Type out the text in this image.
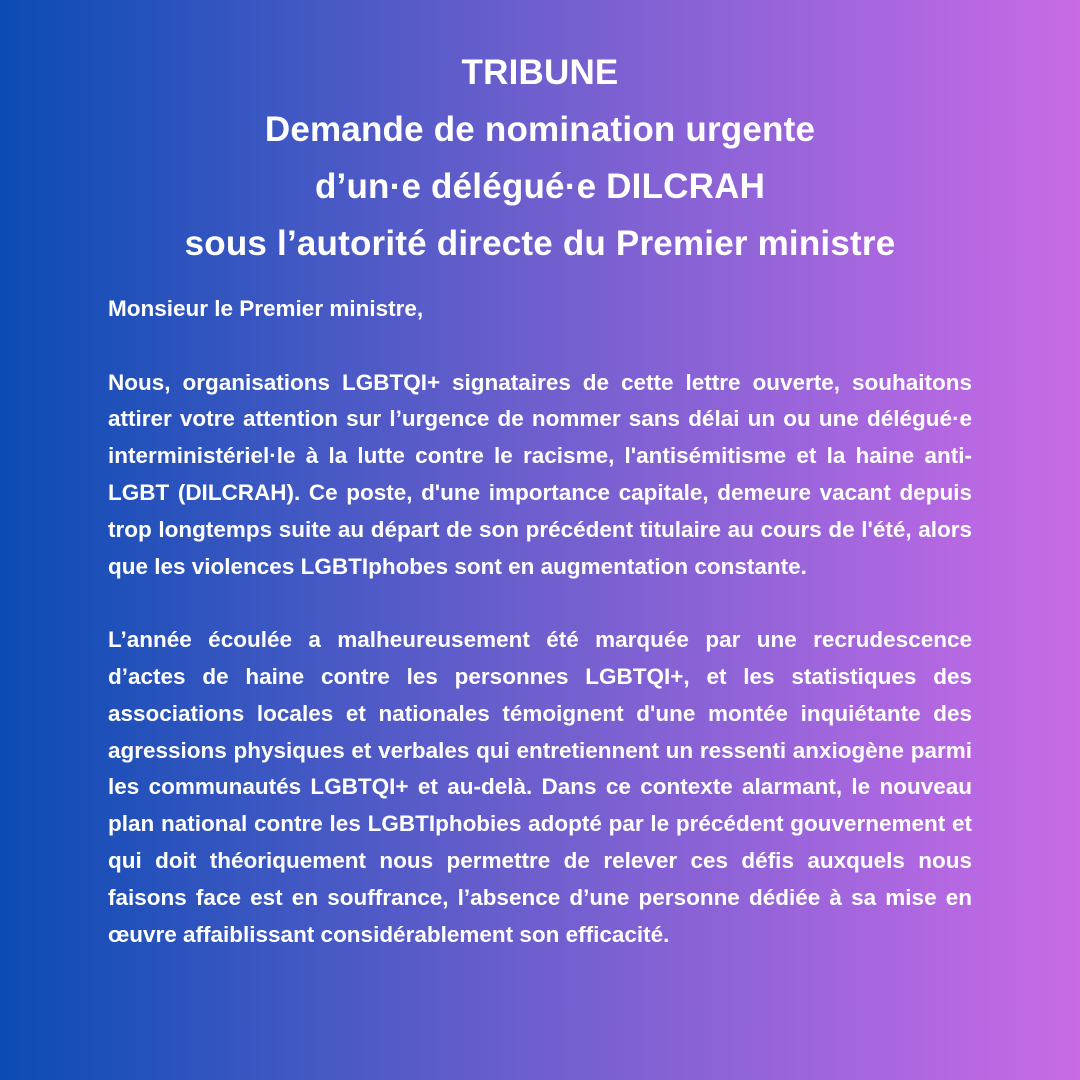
TRIBUNE
Demande de nomination urgente
d’un·e délégué·e DILCRAH
sous l’autorité directe du Premier ministre

Monsieur le Premier ministre,

Nous, organisations LGBTQI+ signataires de cette lettre ouverte, souhaitons attirer votre attention sur l’urgence de nommer sans délai un ou une délégué·e interministériel·le à la lutte contre le racisme, l'antisémitisme et la haine anti-LGBT (DILCRAH). Ce poste, d'une importance capitale, demeure vacant depuis trop longtemps suite au départ de son précédent titulaire au cours de l'été, alors que les violences LGBTIphobes sont en augmentation constante.

L’année écoulée a malheureusement été marquée par une recrudescence d’actes de haine contre les personnes LGBTQI+, et les statistiques des associations locales et nationales témoignent d'une montée inquiétante des agressions physiques et verbales qui entretiennent un ressenti anxiogène parmi les communautés LGBTQI+ et au-delà. Dans ce contexte alarmant, le nouveau plan national contre les LGBTIphobies adopté par le précédent gouvernement et qui doit théoriquement nous permettre de relever ces défis auxquels nous faisons face est en souffrance, l’absence d’une personne dédiée à sa mise en œuvre affaiblissant considérablement son efficacité.
